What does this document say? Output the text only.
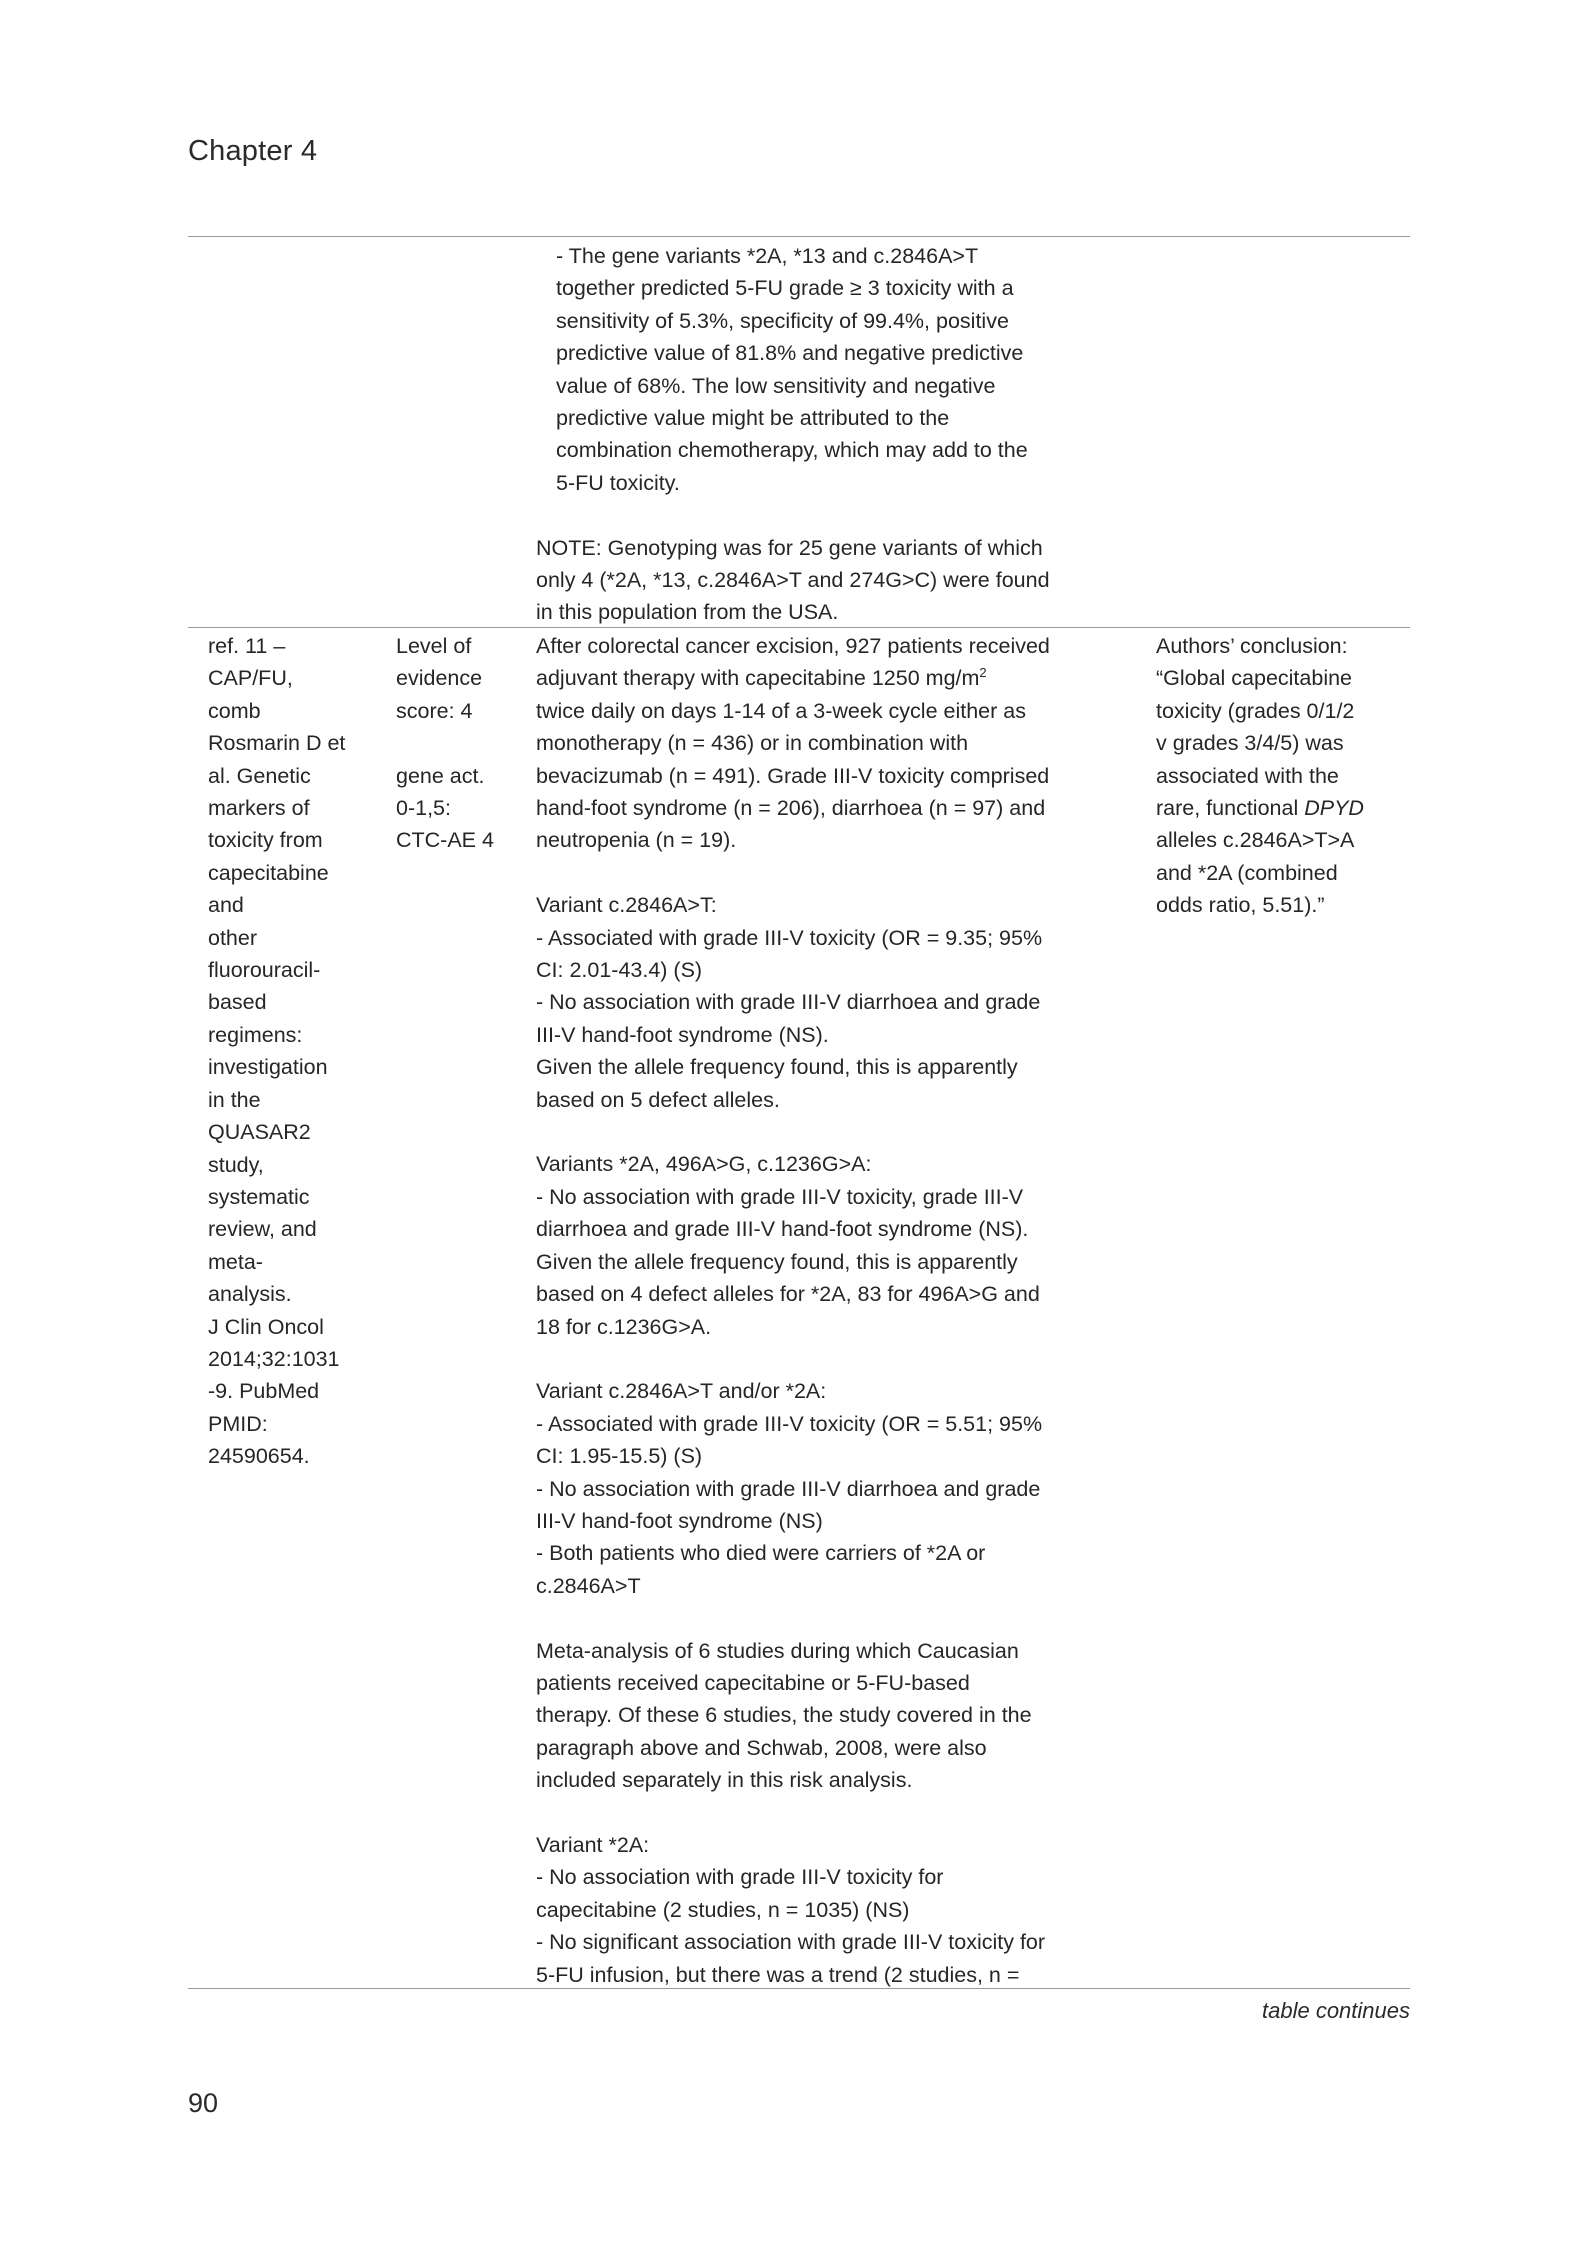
Chapter 4
- The gene variants *2A, *13 and c.2846A>T
together predicted 5-FU grade ≥ 3 toxicity with a
sensitivity of 5.3%, specificity of 99.4%, positive
predictive value of 81.8% and negative predictive
value of 68%. The low sensitivity and negative
predictive value might be attributed to the
combination chemotherapy, which may add to the
5-FU toxicity.
NOTE: Genotyping was for 25 gene variants of which
only 4 (*2A, *13, c.2846A>T and 274G>C) were found
in this population from the USA.
ref. 11 –
CAP/FU,
comb
Rosmarin D et
al. Genetic
markers of
toxicity from
capecitabine
and
other
fluorouracil-
based
regimens:
investigation
in the
QUASAR2
study,
systematic
review, and
meta-
analysis.
J Clin Oncol
2014;32:1031
-9. PubMed
PMID:
24590654.
Level of
evidence
score: 4
gene act.
0-1,5:
CTC-AE 4
After colorectal cancer excision, 927 patients received
adjuvant therapy with capecitabine 1250 $mg/m^2$
twice daily on days 1-14 of a 3-week cycle either as
monotherapy (n = 436) or in combination with
bevacizumab (n = 491). Grade III-V toxicity comprised
hand-foot syndrome (n = 206), diarrhoea (n = 97) and
neutropenia (n = 19).
Variant c.2846A>T:
- Associated with grade III-V toxicity (OR = 9.35; 95%
CI: 2.01-43.4) (S)
- No association with grade III-V diarrhoea and grade
III-V hand-foot syndrome (NS).
Given the allele frequency found, this is apparently
based on 5 defect alleles.
Variants *2A, 496A>G, c.1236G>A:
- No association with grade III-V toxicity, grade III-V
diarrhoea and grade III-V hand-foot syndrome (NS).
Given the allele frequency found, this is apparently
based on 4 defect alleles for *2A, 83 for 496A>G and
18 for c.1236G>A.
Variant c.2846A>T and/or *2A:
- Associated with grade III-V toxicity (OR = 5.51; 95%
CI: 1.95-15.5) (S)
- No association with grade III-V diarrhoea and grade
III-V hand-foot syndrome (NS)
- Both patients who died were carriers of *2A or
c.2846A>T
Meta-analysis of 6 studies during which Caucasian
patients received capecitabine or 5-FU-based
therapy. Of these 6 studies, the study covered in the
paragraph above and Schwab, 2008, were also
included separately in this risk analysis.
Variant *2A:
- No association with grade III-V toxicity for
capecitabine (2 studies, n = 1035) (NS)
- No significant association with grade III-V toxicity for
5-FU infusion, but there was a trend (2 studies, n =
Authors’ conclusion:
“Global capecitabine
toxicity (grades 0/1/2
v grades 3/4/5) was
associated with the
rare, functional DPYD
alleles c.2846A>T>A
and *2A (combined
odds ratio, 5.51).”
table continues
90
